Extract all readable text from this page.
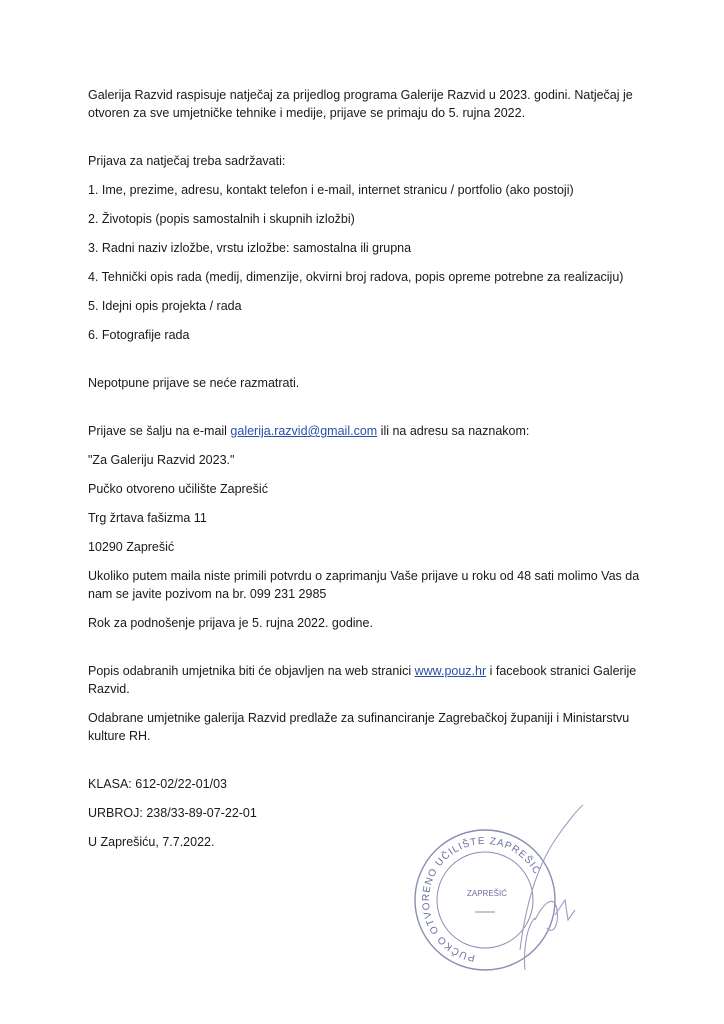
Galerija Razvid raspisuje natječaj za prijedlog programa Galerije Razvid u 2023. godini. Natječaj je otvoren za sve umjetničke tehnike i medije, prijave se primaju do 5. rujna 2022.

Prijava za natječaj treba sadržavati:

1. Ime, prezime, adresu, kontakt telefon i e-mail, internet stranicu / portfolio (ako postoji)

2. Životopis (popis samostalnih i skupnih izložbi)

3. Radni naziv izložbe, vrstu izložbe: samostalna ili grupna

4. Tehnički opis rada (medij, dimenzije, okvirni broj radova, popis opreme potrebne za realizaciju)

5. Idejni opis projekta / rada

6. Fotografije rada

Nepotpune prijave se neće razmatrati.

Prijave se šalju na e-mail galerija.razvid@gmail.com ili na adresu sa naznakom:

"Za Galeriju Razvid 2023."

Pučko otvoreno učilište Zaprešić

Trg žrtava fašizma 11

10290 Zaprešić

Ukoliko putem maila niste primili potvrdu o zaprimanju Vaše prijave u roku od 48 sati molimo Vas da nam se javite pozivom na br. 099 231 2985

Rok za podnošenje prijava je 5. rujna 2022. godine.

Popis odabranih umjetnika biti će objavljen na web stranici www.pouz.hr i facebook stranici Galerije Razvid.

Odabrane umjetnike galerija Razvid predlaže za sufinanciranje Zagrebačkoj županiji i Ministarstvu kulture RH.

KLASA: 612-02/22-01/03

URBROJ: 238/33-89-07-22-01

U Zaprešiću, 7.7.2022.

PUČKO OTVORENO UČILIŠTE ZAPREŠIĆ
ZAPREŠIĆ
